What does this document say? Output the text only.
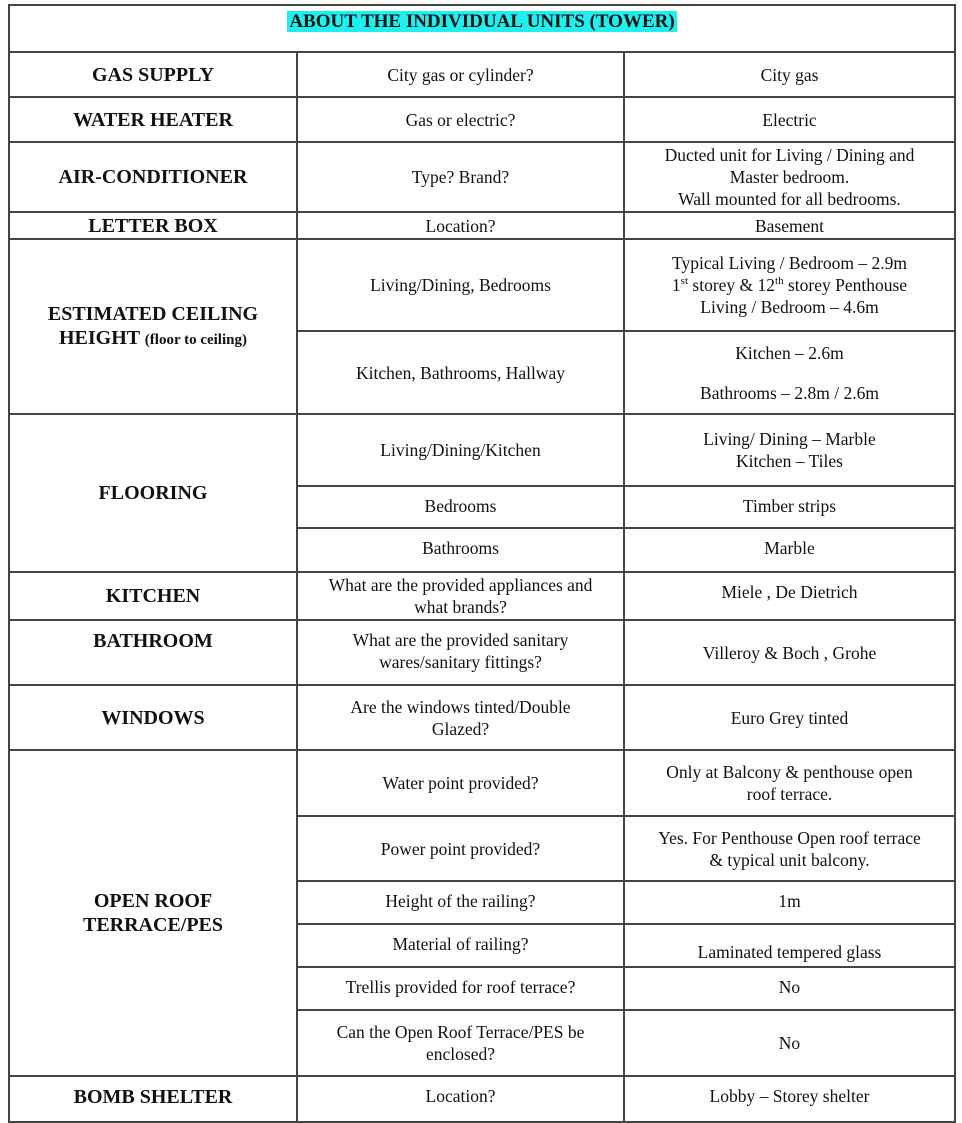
ABOUT THE INDIVIDUAL UNITS (TOWER)		
GAS SUPPLY	City gas or cylinder?	City gas
WATER HEATER	Gas or electric?	Electric
AIR-CONDITIONER	Type? Brand?	Ducted unit for Living / Dining and
Master bedroom.
Wall mounted for all bedrooms.

LETTER BOX	Location?	Basement

ESTIMATED CEILING
HEIGHT (floor to ceiling)	Living/Dining, Bedrooms	Typical Living / Bedroom – 2.9m
1st storey & 12th storey Penthouse
Living / Bedroom – 4.6m

	Kitchen, Bathrooms, Hallway	Kitchen – 2.6m
Bathrooms – 2.8m / 2.6m

FLOORING	Living/Dining/Kitchen	Living/ Dining – Marble
Kitchen – Tiles

	Bedrooms	Timber strips
	Bathrooms	Marble
KITCHEN	What are the provided appliances and
what brands?	Miele , De Dietrich
BATHROOM	What are the provided sanitary
wares/sanitary fittings?	Villeroy & Boch , Grohe
WINDOWS	Are the windows tinted/Double
Glazed?	Euro Grey tinted

OPEN ROOF
TERRACE/PES	Water point provided?	Only at Balcony & penthouse open
roof terrace.

	Power point provided?	Yes. For Penthouse Open roof terrace
& typical unit balcony.

	Height of the railing?	1m
	Material of railing?	Laminated tempered glass
	Trellis provided for roof terrace?	No

	Can the Open Roof Terrace/PES be
enclosed?	No
BOMB SHELTER	Location?	Lobby – Storey shelter
